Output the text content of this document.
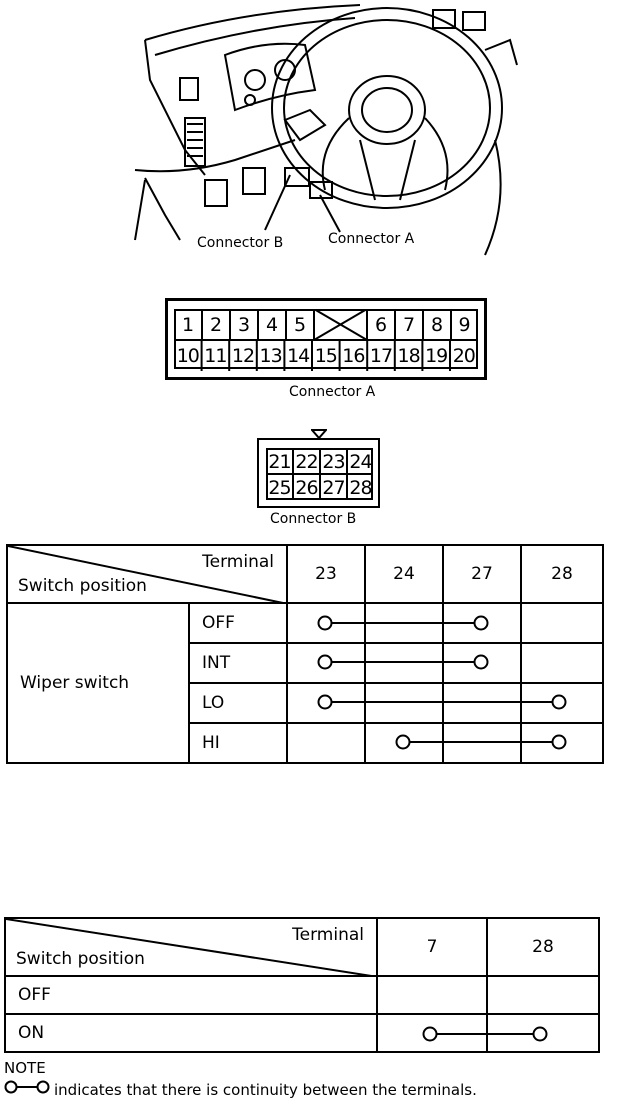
Connector B	Connector A
1 2 3 4 5	6 7 8 9
10 11 12 13 14 15 16 17 18 19 20
Connector A
21 22 23 24
25 26 27 28
Connector B
Terminal
Switch position		23	24	27	28
Wiper switch	OFF				
	INT				
	LO				
	HI				
Terminal
Switch position	7	28
OFF		
ON		
NOTE
indicates that there is continuity between the terminals.
